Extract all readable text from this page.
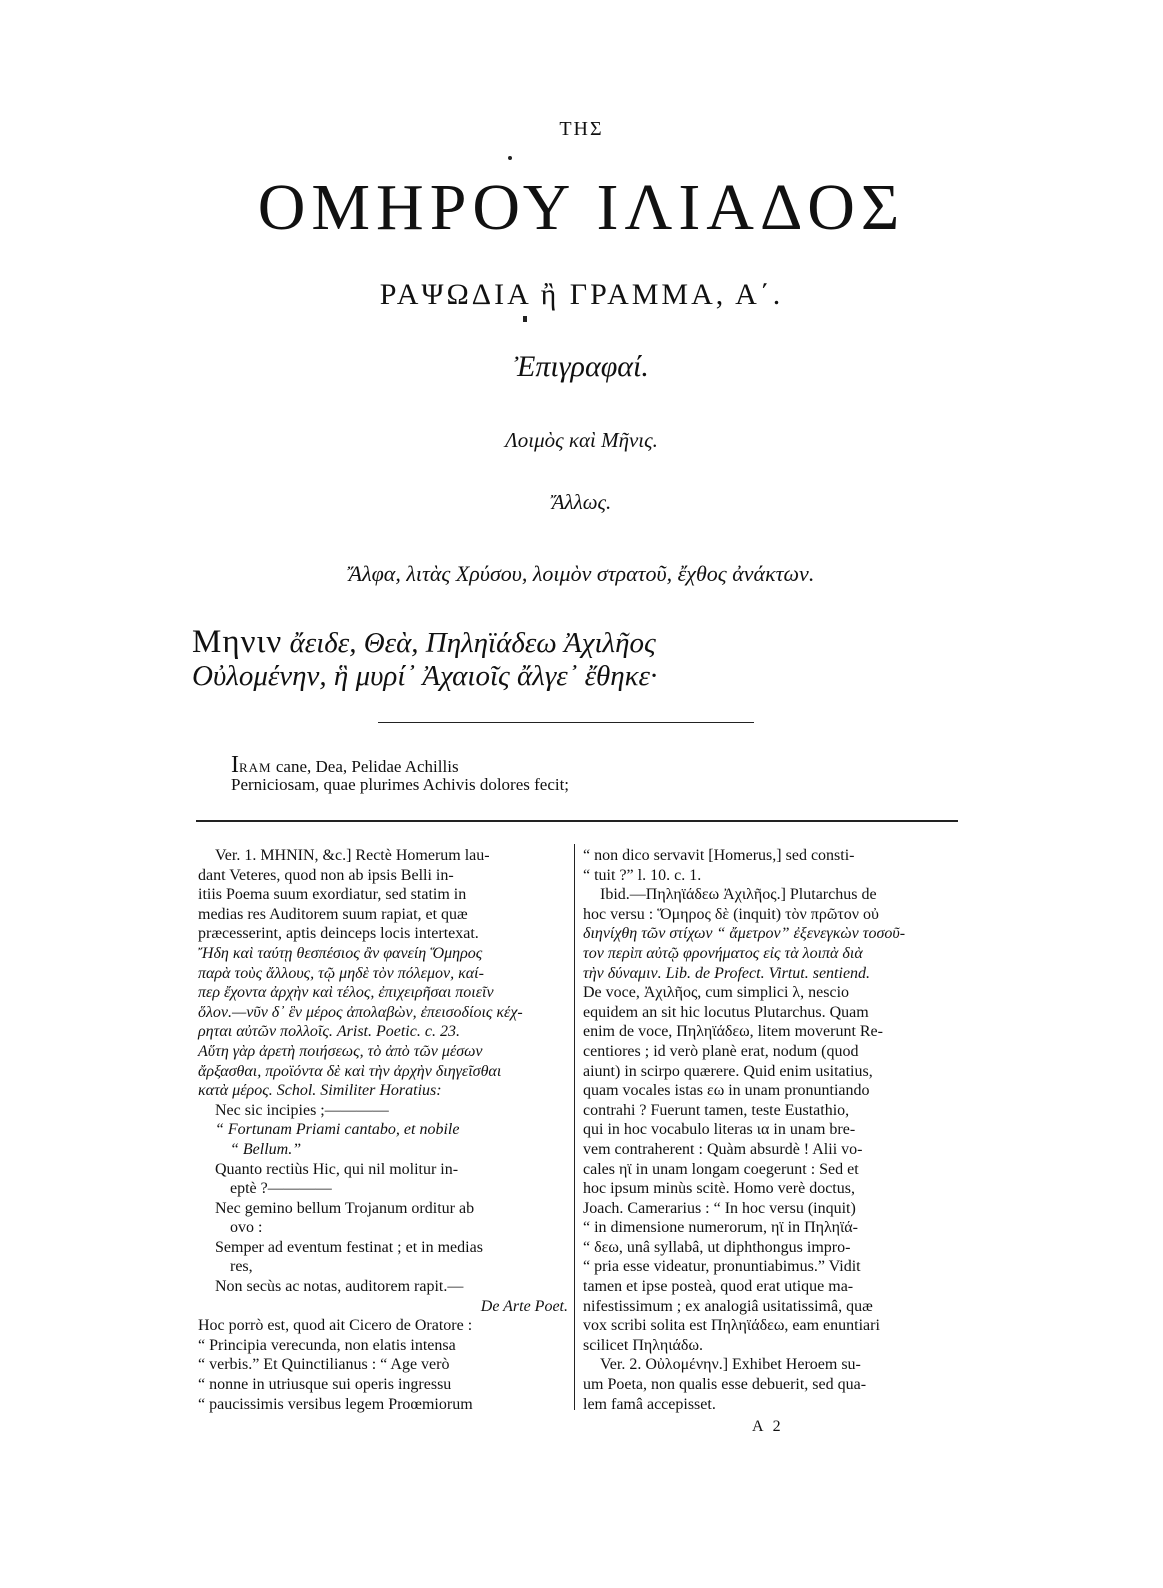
ΤΗΣ
ΟΜΗΡΟΥ ΙΛΙΑΔΟΣ
ΡΑΨΩΔΙΑ ἢ ΓΡΑΜΜΑ, Α΄.
Ἐπιγραφαί.
Λοιμὸς καὶ Μῆνις.
Ἄλλως.
Ἄλφα, λιτὰς Χρύσου, λοιμὸν στρατοῦ, ἔχθος ἀνάκτων.
Μηνιν ἄειδε, Θεὰ, Πηληϊάδεω Ἀχιλῆος
Οὐλομένην, ἣ μυρί᾽ Ἀχαιοῖς ἄλγε᾽ ἔθηκε·
IRAM cane, Dea, Pelidae Achillis
Perniciosam, quae plurimes Achivis dolores fecit;

Ver. 1. ΜΗΝΙΝ, &c.] Rectè Homerum lau-

dant Veteres, quod non ab ipsis Belli in-

itiis Poema suum exordiatur, sed statim in

medias res Auditorem suum rapiat, et quæ

præcesserint, aptis deinceps locis intertexat.

Ἤδη καὶ ταύτῃ θεσπέσιος ἂν φανείη Ὅμηρος

παρὰ τοὺς ἄλλους, τῷ μηδὲ τὸν πόλεμον, καί-

περ ἔχοντα ἀρχὴν καὶ τέλος, ἐπιχειρῆσαι ποιεῖν

ὅλον.—νῦν δ᾽ ἓν μέρος ἀπολαβὼν, ἐπεισοδίοις κέχ-

ρηται αὐτῶν πολλοῖς. Arist. Poetic. c. 23.

Αὕτη γὰρ ἀρετὴ ποιήσεως, τὸ ἀπὸ τῶν μέσων

ἄρξασθαι, προϊόντα δὲ καὶ τὴν ἀρχὴν διηγεῖσθαι

κατὰ μέρος. Schol. Similiter Horatius:

Nec sic incipies ;————

“ Fortunam Priami cantabo, et nobile

“ Bellum.”

Quanto rectiùs Hic, qui nil molitur in-

eptè ?————

Nec gemino bellum Trojanum orditur ab

ovo :

Semper ad eventum festinat ; et in medias

res,

Non secùs ac notas, auditorem rapit.—

De Arte Poet.

Hoc porrò est, quod ait Cicero de Oratore :

“ Principia verecunda, non elatis intensa

“ verbis.” Et Quinctilianus : “ Age verò

“ nonne in utriusque sui operis ingressu

“ paucissimis versibus legem Proœmiorum

“ non dico servavit [Homerus,] sed consti-

“ tuit ?” l. 10. c. 1.

Ibid.—Πηληϊάδεω Ἀχιλῆος.] Plutarchus de

hoc versu : Ὅμηρος δὲ (inquit) τὸν πρῶτον οὐ

διηνίχθη τῶν στίχων “ ἄμετρον” ἐξενεγκὼν τοσοῦ-

τον περὶπ αὐτῷ φρονήματος εἰς τὰ λοιπὰ διὰ

τὴν δύναμιν. Lib. de Profect. Virtut. sentiend.

De voce, Ἀχιλῆος, cum simplici λ, nescio

equidem an sit hic locutus Plutarchus. Quam

enim de voce, Πηληϊάδεω, litem moverunt Re-

centiores ; id verò planè erat, nodum (quod

aiunt) in scirpo quærere. Quid enim usitatius,

quam vocales istas εω in unam pronuntiando

contrahi ? Fuerunt tamen, teste Eustathio,

qui in hoc vocabulo literas ια in unam bre-

vem contraherent : Quàm absurdè ! Alii vo-

cales ηϊ in unam longam coegerunt : Sed et

hoc ipsum minùs scitè. Homo verè doctus,

Joach. Camerarius : “ In hoc versu (inquit)

“ in dimensione numerorum, ηϊ in Πηληϊά-

“ δεω, unâ syllabâ, ut diphthongus impro-

“ pria esse videatur, pronuntiabimus.” Vidit

tamen et ipse posteà, quod erat utique ma-

nifestissimum ; ex analogiâ usitatissimâ, quæ

vox scribi solita est Πηληϊάδεω, eam enuntiari

scilicet Πηληιάδω.

Ver. 2. Οὐλομένην.] Exhibet Heroem su-

um Poeta, non qualis esse debuerit, sed qua-

lem famâ accepisset.

A 2
